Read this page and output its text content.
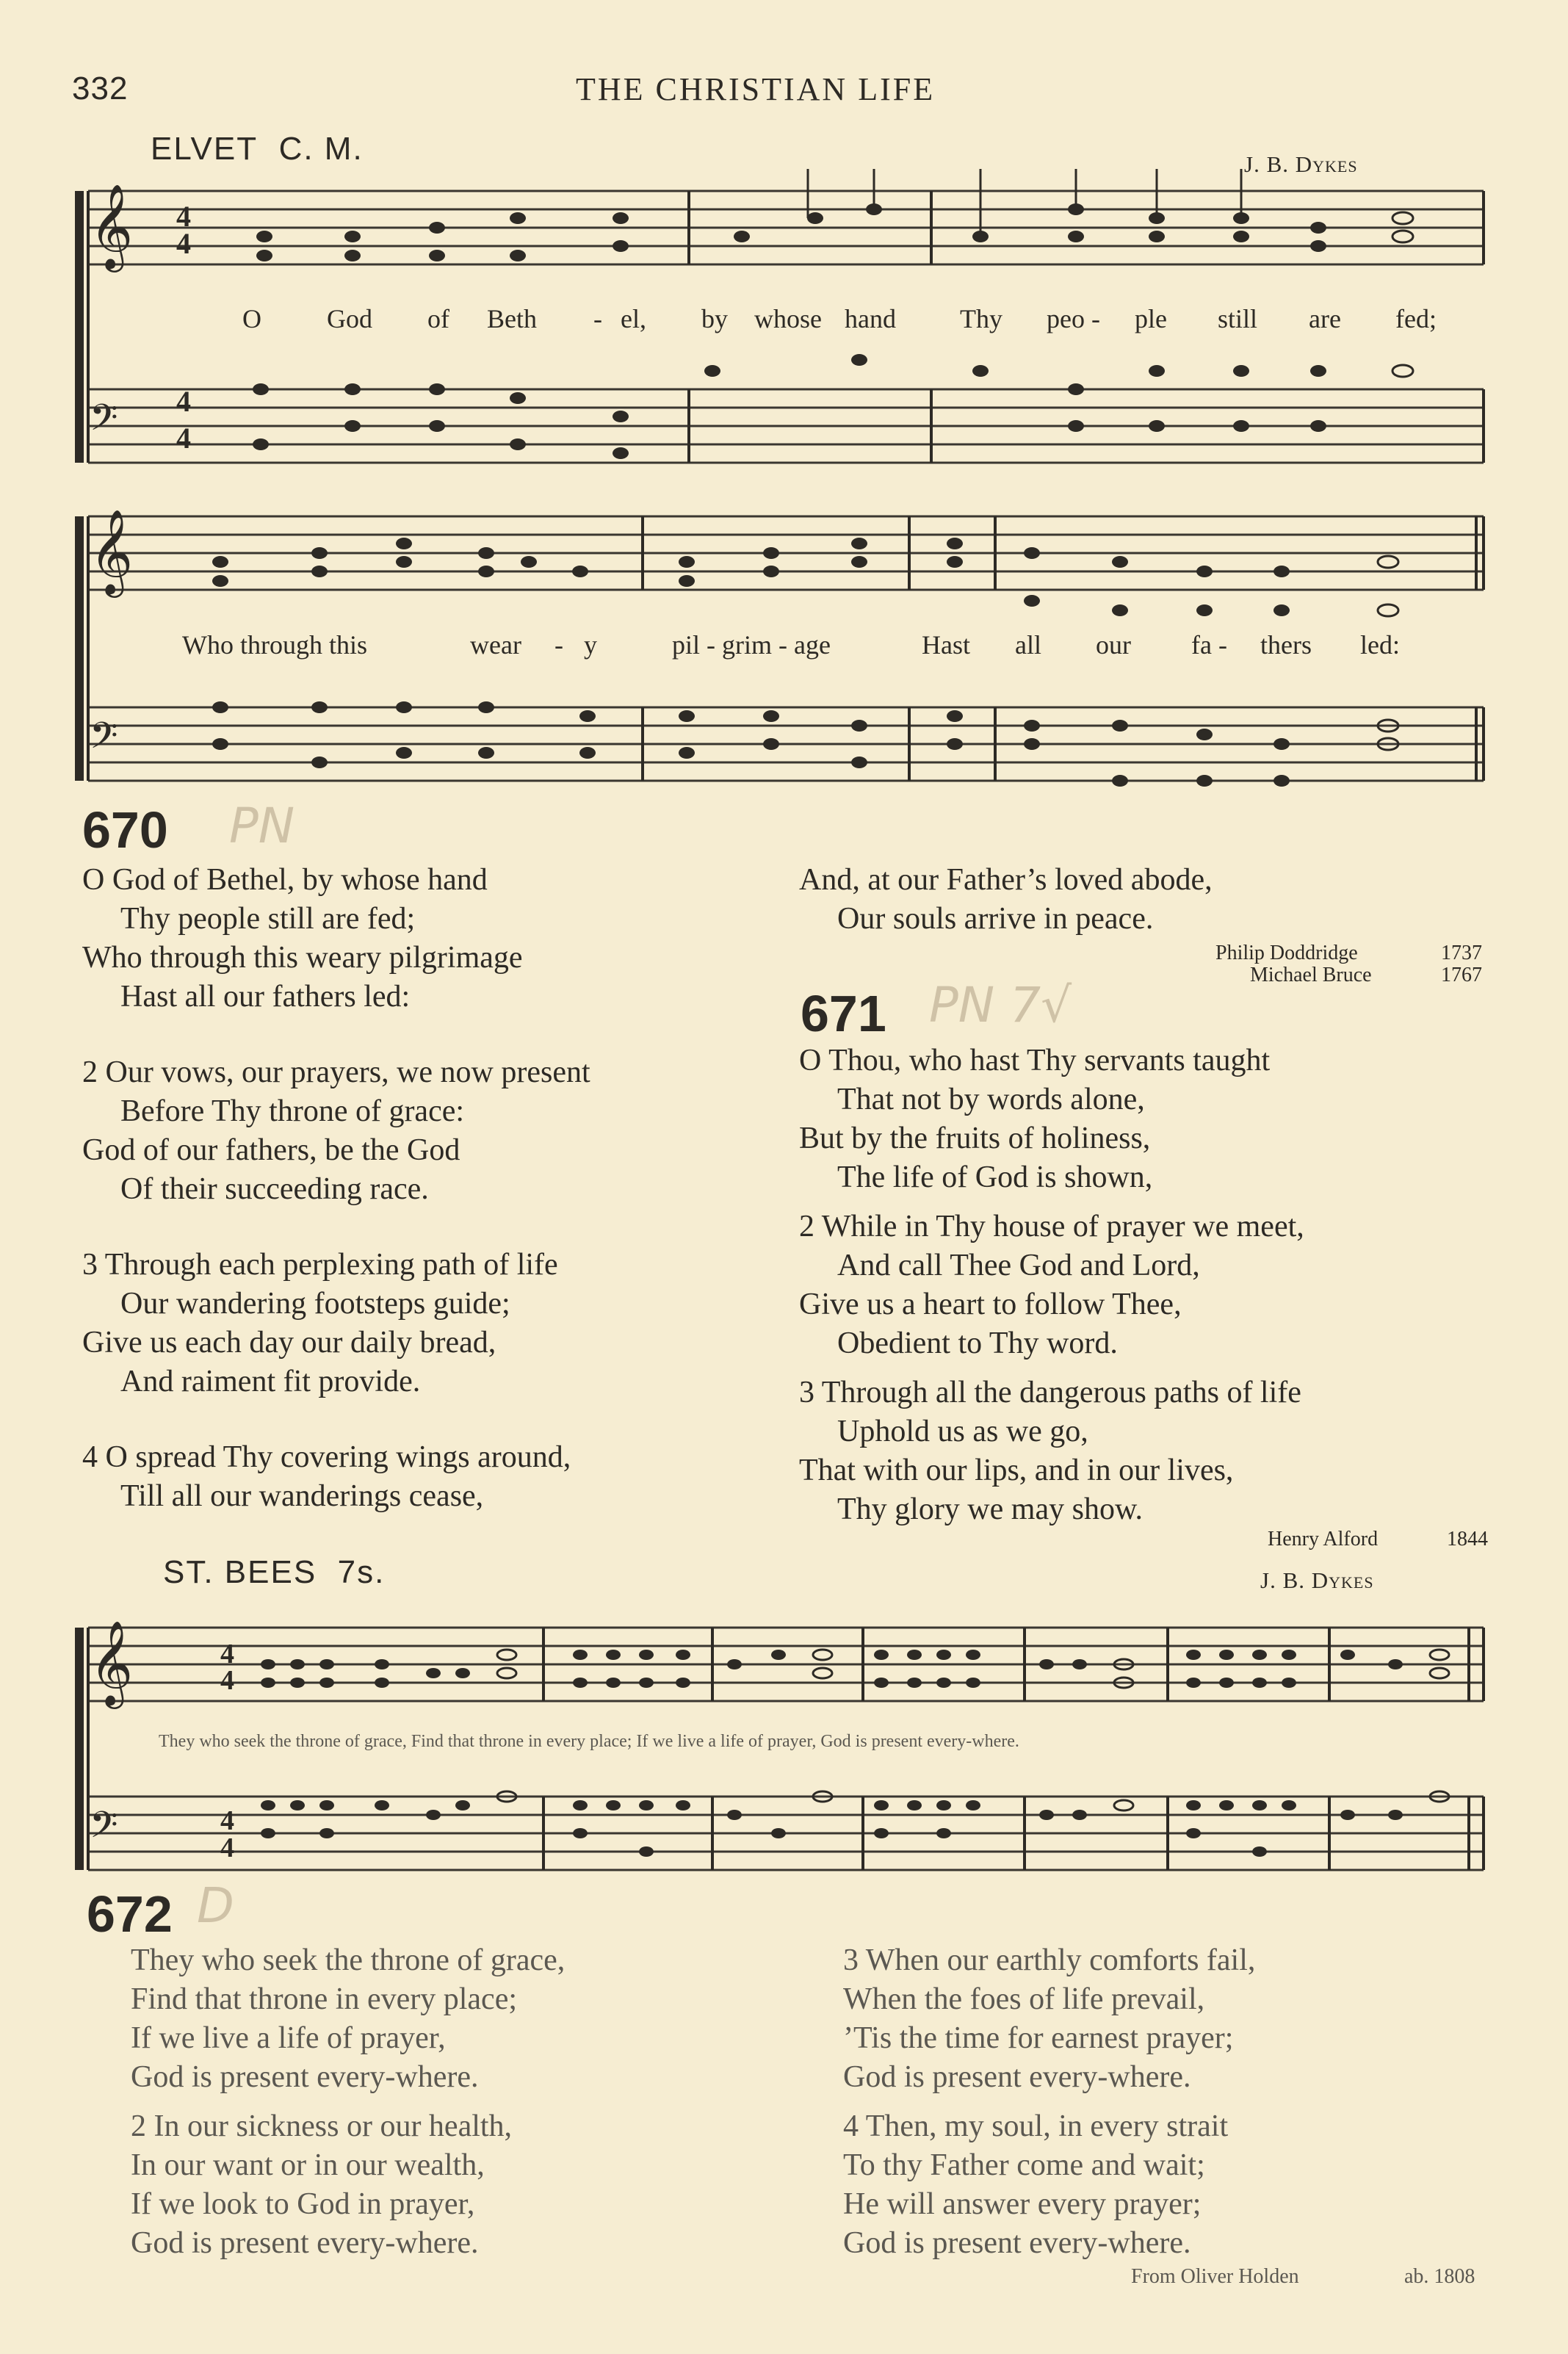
332	THE CHRISTIAN LIFE
ELVET C. M.	J. B. Dykes
𝄞
𝄢
4
4
4
4
O God of Beth - el, by whose hand Thy peo - ple still are fed;
𝄞
𝄢
Who through this	wear - y	pil - grim - age	Hast all our fa - thers led:
670 PN
O God of Bethel, by whose hand
Thy people still are fed;
Who through this weary pilgrimage
Hast all our fathers led:
2 Our vows, our prayers, we now present
Before Thy throne of grace:
God of our fathers, be the God
Of their succeeding race.
3 Through each perplexing path of life
Our wandering footsteps guide;
Give us each day our daily bread,
And raiment fit provide.
4 O spread Thy covering wings around,
Till all our wanderings cease,
And, at our Father’s loved abode,
Our souls arrive in peace.
Philip Doddridge	1737
Michael Bruce	1767
671 PN 7√
O Thou, who hast Thy servants taught
That not by words alone,
But by the fruits of holiness,
The life of God is shown,
2 While in Thy house of prayer we meet,
And call Thee God and Lord,
Give us a heart to follow Thee,
Obedient to Thy word.
3 Through all the dangerous paths of life
Uphold us as we go,
That with our lips, and in our lives,
Thy glory we may show.
Henry Alford	1844
ST. BEES 7s.	J. B. Dykes
𝄞
𝄢
4
4
4
4
They who seek the throne of grace, Find that throne in every place; If we live a life of prayer, God is present every-where.
672 D
They who seek the throne of grace,
Find that throne in every place;
If we live a life of prayer,
God is present every-where.
2 In our sickness or our health,
In our want or in our wealth,
If we look to God in prayer,
God is present every-where.
3 When our earthly comforts fail,
When the foes of life prevail,
’Tis the time for earnest prayer;
God is present every-where.
4 Then, my soul, in every strait
To thy Father come and wait;
He will answer every prayer;
God is present every-where.
From Oliver Holden	ab. 1808
